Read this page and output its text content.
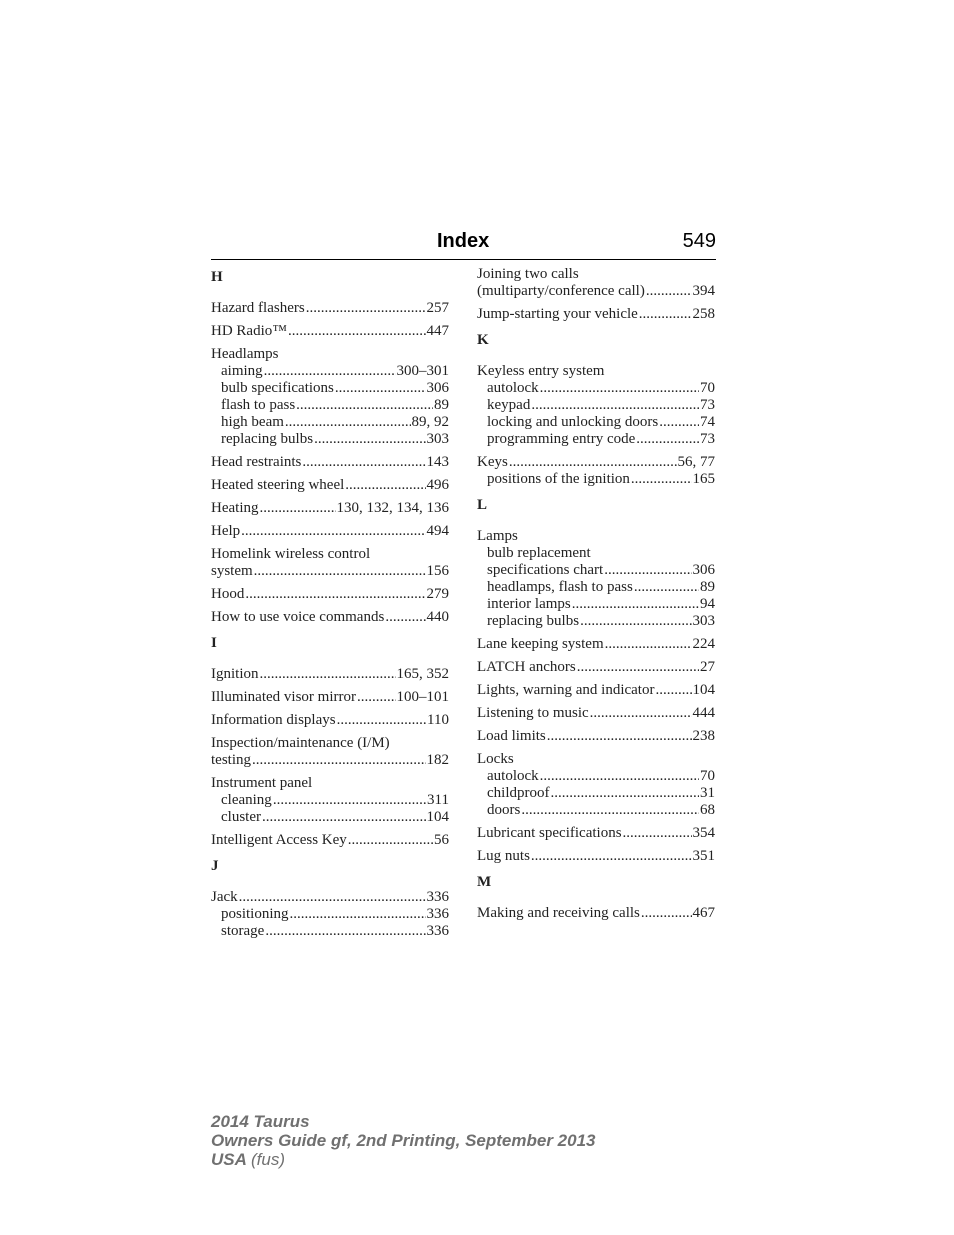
Index	549
H
Hazard flashers .....	257
HD Radio™ .....	447
Headlamps
aiming .....	300–301
bulb specifications .....	306
flash to pass .....	89
high beam .....	89, 92
replacing bulbs .....	303
Head restraints .....	143
Heated steering wheel .....	496
Heating .....	130, 132, 134, 136
Help .....	494
Homelink wireless control
system .....	156
Hood .....	279
How to use voice commands .....	440
I
Ignition .....	165, 352
Illuminated visor mirror .....	100–101
Information displays .....	110
Inspection/maintenance (I/M)
testing .....	182
Instrument panel
cleaning .....	311
cluster .....	104
Intelligent Access Key .....	56
J
Jack .....	336
positioning .....	336
storage .....	336
Joining two calls
(multiparty/conference call) .....	394
Jump-starting your vehicle .....	258
K
Keyless entry system
autolock .....	70
keypad .....	73
locking and unlocking doors .....	74
programming entry code .....	73
Keys .....	56, 77
positions of the ignition .....	165
L
Lamps
bulb replacement
specifications chart .....	306
headlamps, flash to pass .....	89
interior lamps .....	94
replacing bulbs .....	303
Lane keeping system .....	224
LATCH anchors .....	27
Lights, warning and indicator .....	104
Listening to music .....	444
Load limits .....	238
Locks
autolock .....	70
childproof .....	31
doors .....	68
Lubricant specifications .....	354
Lug nuts .....	351
M
Making and receiving calls .....	467
2014 Taurus
Owners Guide gf, 2nd Printing, September 2013
USA (fus)
